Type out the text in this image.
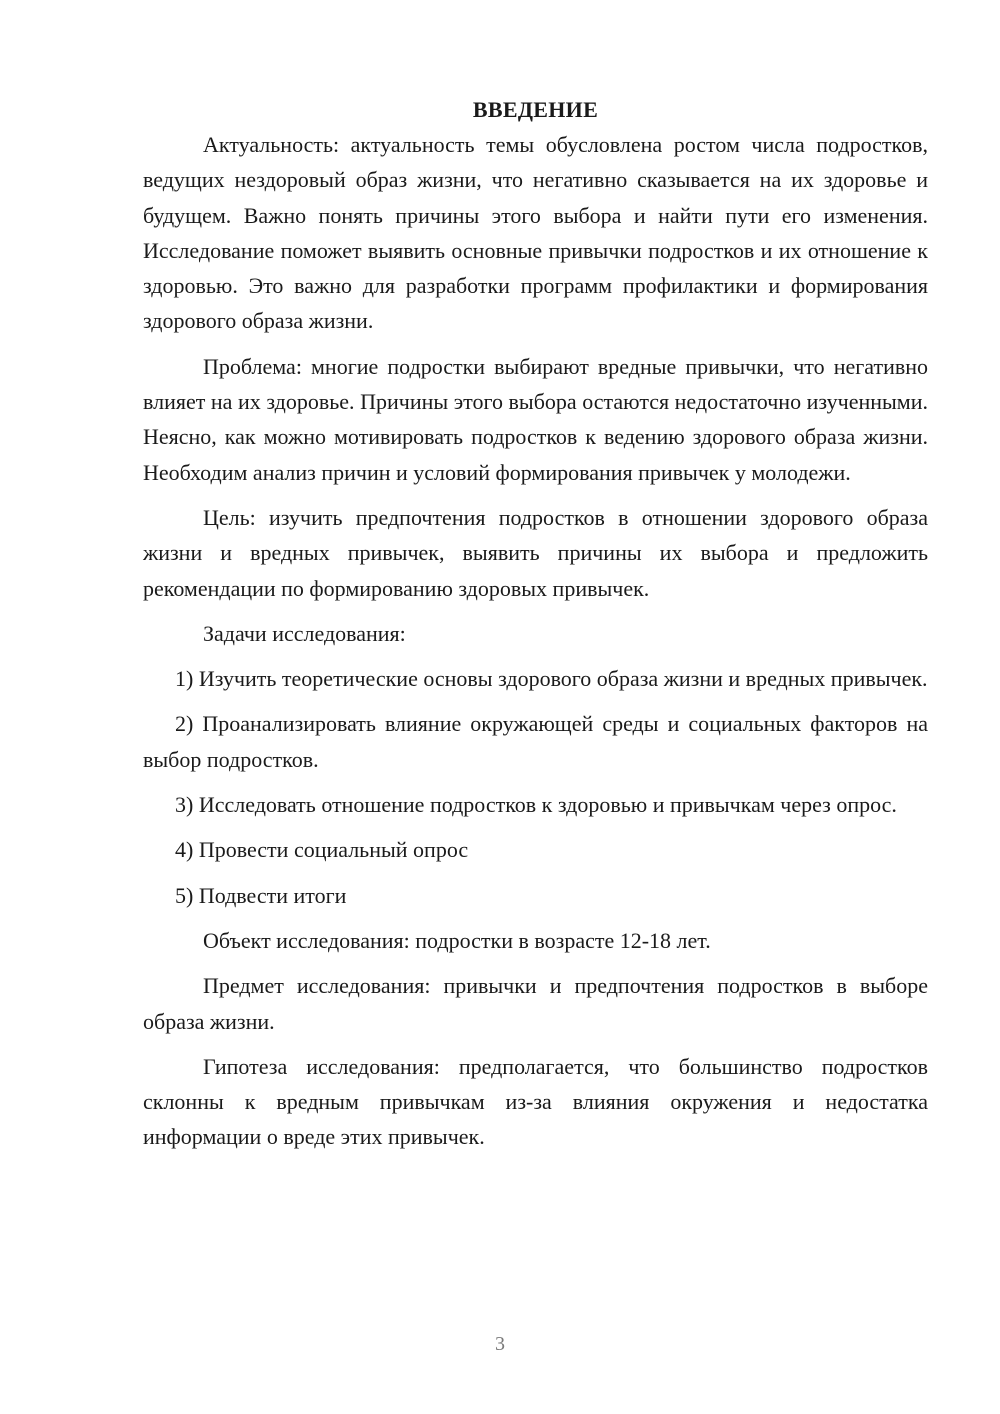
ВВЕДЕНИЕ

Актуальность: актуальность темы обусловлена ростом числа подростков, ведущих нездоровый образ жизни, что негативно сказывается на их здоровье и будущем. Важно понять причины этого выбора и найти пути его изменения. Исследование поможет выявить основные привычки подростков и их отношение к здоровью. Это важно для разработки программ профилактики и формирования здорового образа жизни.

Проблема: многие подростки выбирают вредные привычки, что негативно влияет на их здоровье. Причины этого выбора остаются недостаточно изученными. Неясно, как можно мотивировать подростков к ведению здорового образа жизни. Необходим анализ причин и условий формирования привычек у молодежи.

Цель: изучить предпочтения подростков в отношении здорового образа жизни и вредных привычек, выявить причины их выбора и предложить рекомендации по формированию здоровых привычек.

Задачи исследования:

1) Изучить теоретические основы здорового образа жизни и вредных привычек.

2) Проанализировать влияние окружающей среды и социальных факторов на выбор подростков.

3) Исследовать отношение подростков к здоровью и привычкам через опрос.

4) Провести социальный опрос

5) Подвести итоги

Объект исследования: подростки в возрасте 12-18 лет.

Предмет исследования: привычки и предпочтения подростков в выборе образа жизни.

Гипотеза исследования: предполагается, что большинство подростков склонны к вредным привычкам из-за влияния окружения и недостатка информации о вреде этих привычек.

3
